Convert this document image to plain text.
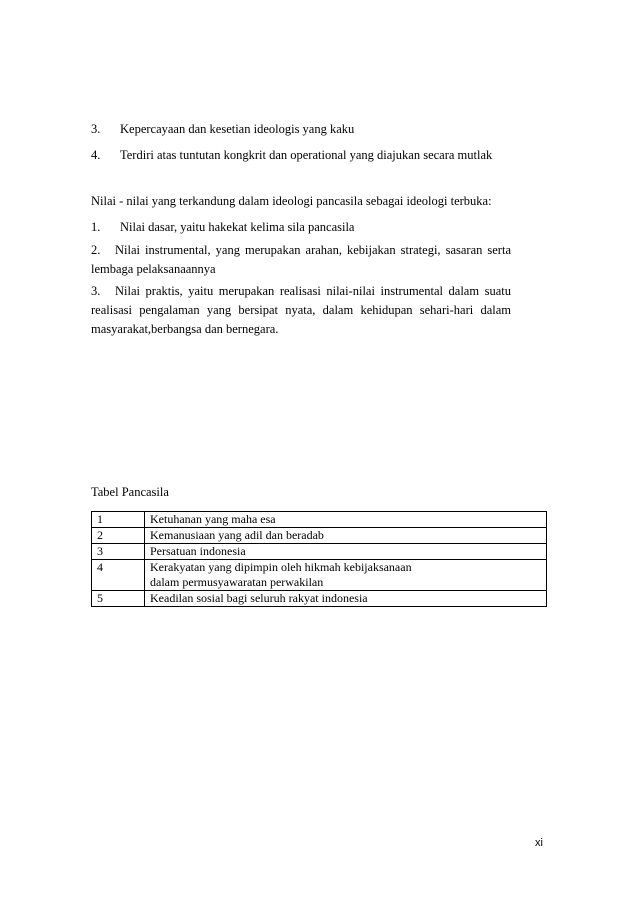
3. Kepercayaan dan kesetian ideologis yang kaku
4. Terdiri atas tuntutan kongkrit dan operational yang diajukan secara mutlak
Nilai - nilai yang terkandung dalam ideologi pancasila sebagai ideologi terbuka:
1. Nilai dasar, yaitu hakekat kelima sila pancasila
2. Nilai instrumental, yang merupakan arahan, kebijakan strategi, sasaran serta lembaga pelaksanaannya
3. Nilai praktis, yaitu merupakan realisasi nilai-nilai instrumental dalam suatu realisasi pengalaman yang bersipat nyata, dalam kehidupan sehari-hari dalam masyarakat,berbangsa dan bernegara.
Tabel Pancasila
1	Ketuhanan yang maha esa
2	Kemanusiaan yang adil dan beradab
3	Persatuan indonesia
4	Kerakyatan yang dipimpin oleh hikmah kebijaksanaan dalam permusyawaratan perwakilan
5	Keadilan sosial bagi seluruh rakyat indonesia
xi
